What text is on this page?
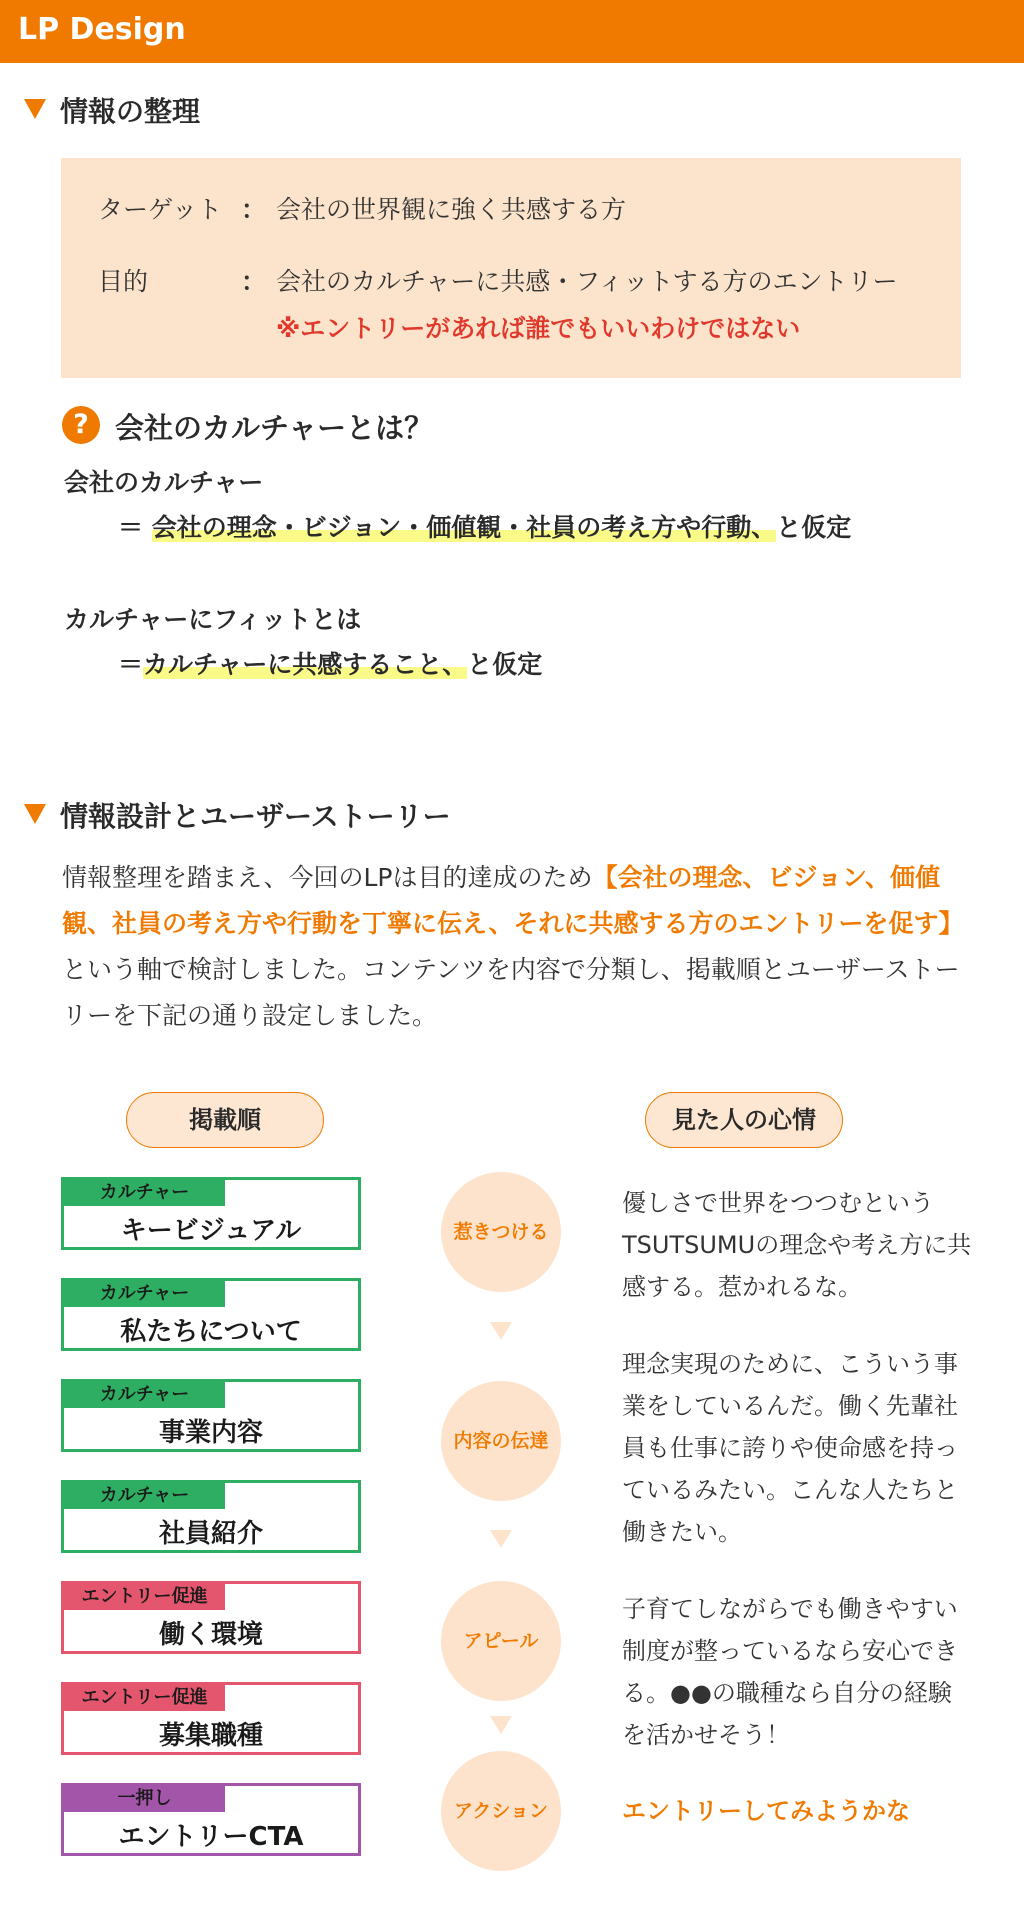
LP Design
情報の整理
ターゲット ： 会社の世界観に強く共感する方
目的	： 会社のカルチャーに共感・フィットする方のエントリー
※エントリーがあれば誰でもいいわけではない
? 会社のカルチャーとは？
会社のカルチャー
＝ 会社の理念・ビジョン・価値観・社員の考え方や行動、と仮定
カルチャーにフィットとは
＝カルチャーに共感すること、と仮定
情報設計とユーザーストーリー
情報整理を踏まえ、今回のLPは目的達成のため【会社の理念、ビジョン、価値観、社員の考え方や行動を丁寧に伝え、それに共感する方のエントリーを促す】という軸で検討しました。コンテンツを内容で分類し、掲載順とユーザーストーリーを下記の通り設定しました。
掲載順	見た人の心情
カルチャー
キービジュアル
カルチャー
私たちについて
カルチャー
事業内容
カルチャー
社員紹介
エントリー促進
働く環境
エントリー促進
募集職種
一押し
エントリーCTA
惹きつける
内容の伝達
アピール
アクション
優しさで世界をつつむというTSUTSUMUの理念や考え方に共感する。惹かれるな。
理念実現のために、こういう事業をしているんだ。働く先輩社員も仕事に誇りや使命感を持っているみたい。こんな人たちと働きたい。
子育てしながらでも働きやすい制度が整っているなら安心できる。●●の職種なら自分の経験を活かせそう！
エントリーしてみようかな
